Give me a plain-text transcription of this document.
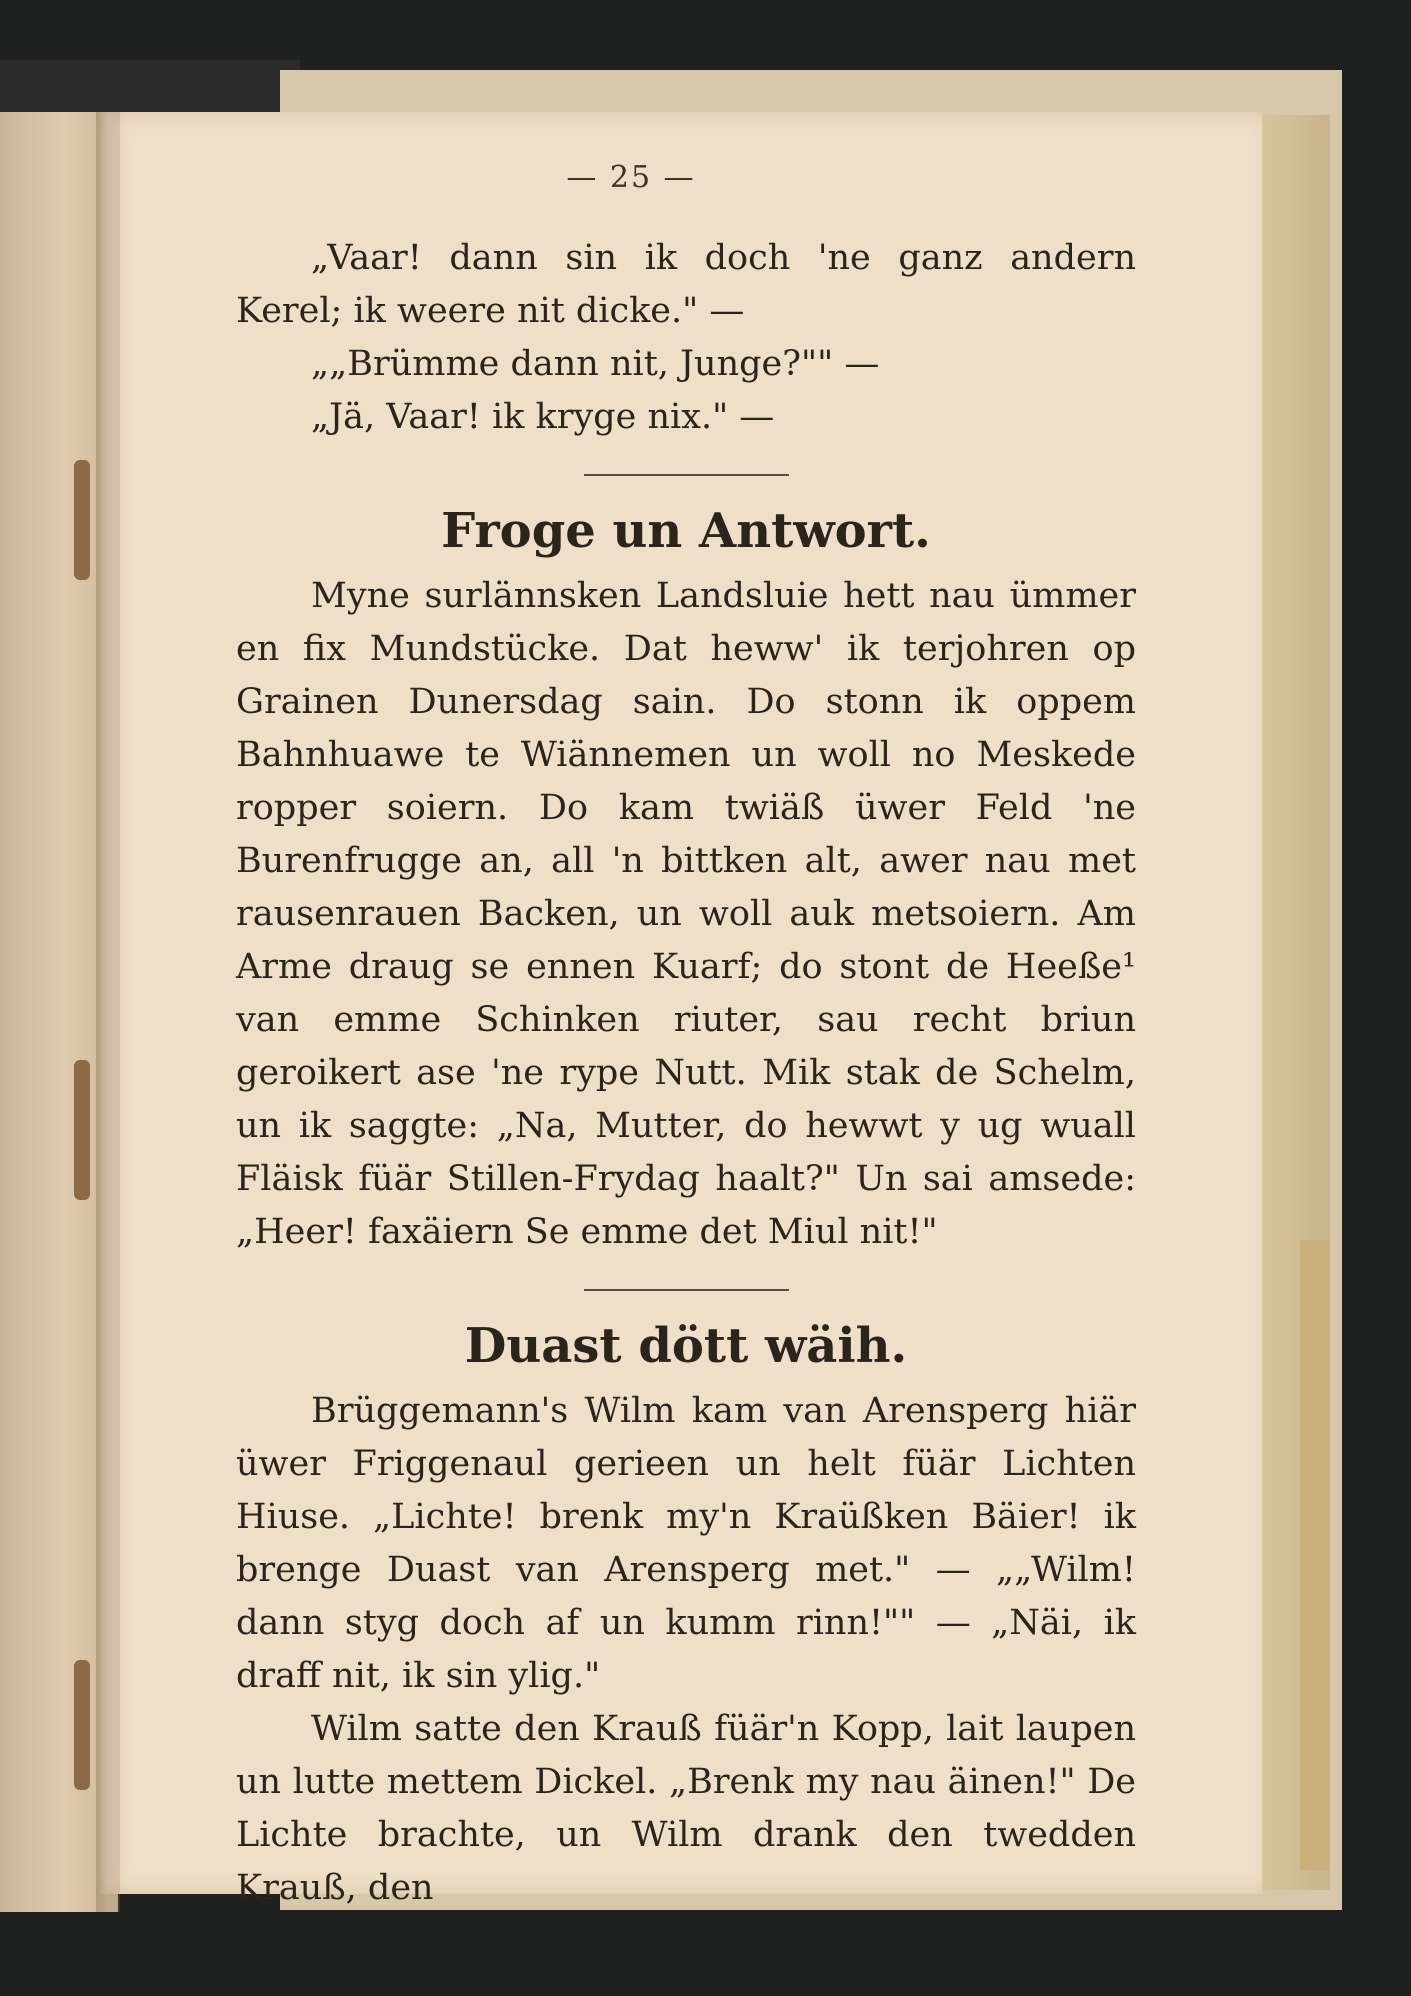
— 25 —

„Vaar! dann sin ik doch 'ne ganz andern Kerel; ik weere nit dicke." —

„„Brümme dann nit, Junge?"" —

„Jä, Vaar! ik kryge nix." —

Froge un Antwort.

Myne surlännsken Landsluie hett nau ümmer en fix Mundstücke. Dat heww' ik terjohren op Grainen Dunersdag sain. Do stonn ik oppem Bahnhuawe te Wiännemen un woll no Meskede ropper soiern. Do kam twiäß üwer Feld 'ne Burenfrugge an, all 'n bittken alt, awer nau met rausenrauen Backen, un woll auk metsoiern. Am Arme draug se ennen Kuarf; do stont de Heeße¹ van emme Schinken riuter, sau recht briun geroikert ase 'ne rype Nutt. Mik stak de Schelm, un ik saggte: „Na, Mutter, do hewwt y ug wuall Fläisk füär Stillen-Frydag haalt?" Un sai amsede: „Heer! faxäiern Se emme det Miul nit!"

Duast dött wäih.

Brüggemann's Wilm kam van Arensperg hiär üwer Friggenaul gerieen un helt füär Lichten Hiuse. „Lichte! brenk my'n Kraüßken Bäier! ik brenge Duast van Arensperg met." — „„Wilm! dann styg doch af un kumm rinn!"" — „Näi, ik draff nit, ik sin ylig."

Wilm satte den Krauß füär'n Kopp, lait laupen un lutte mettem Dickel. „Brenk my nau äinen!" De Lichte brachte, un Wilm drank den twedden Krauß, den
